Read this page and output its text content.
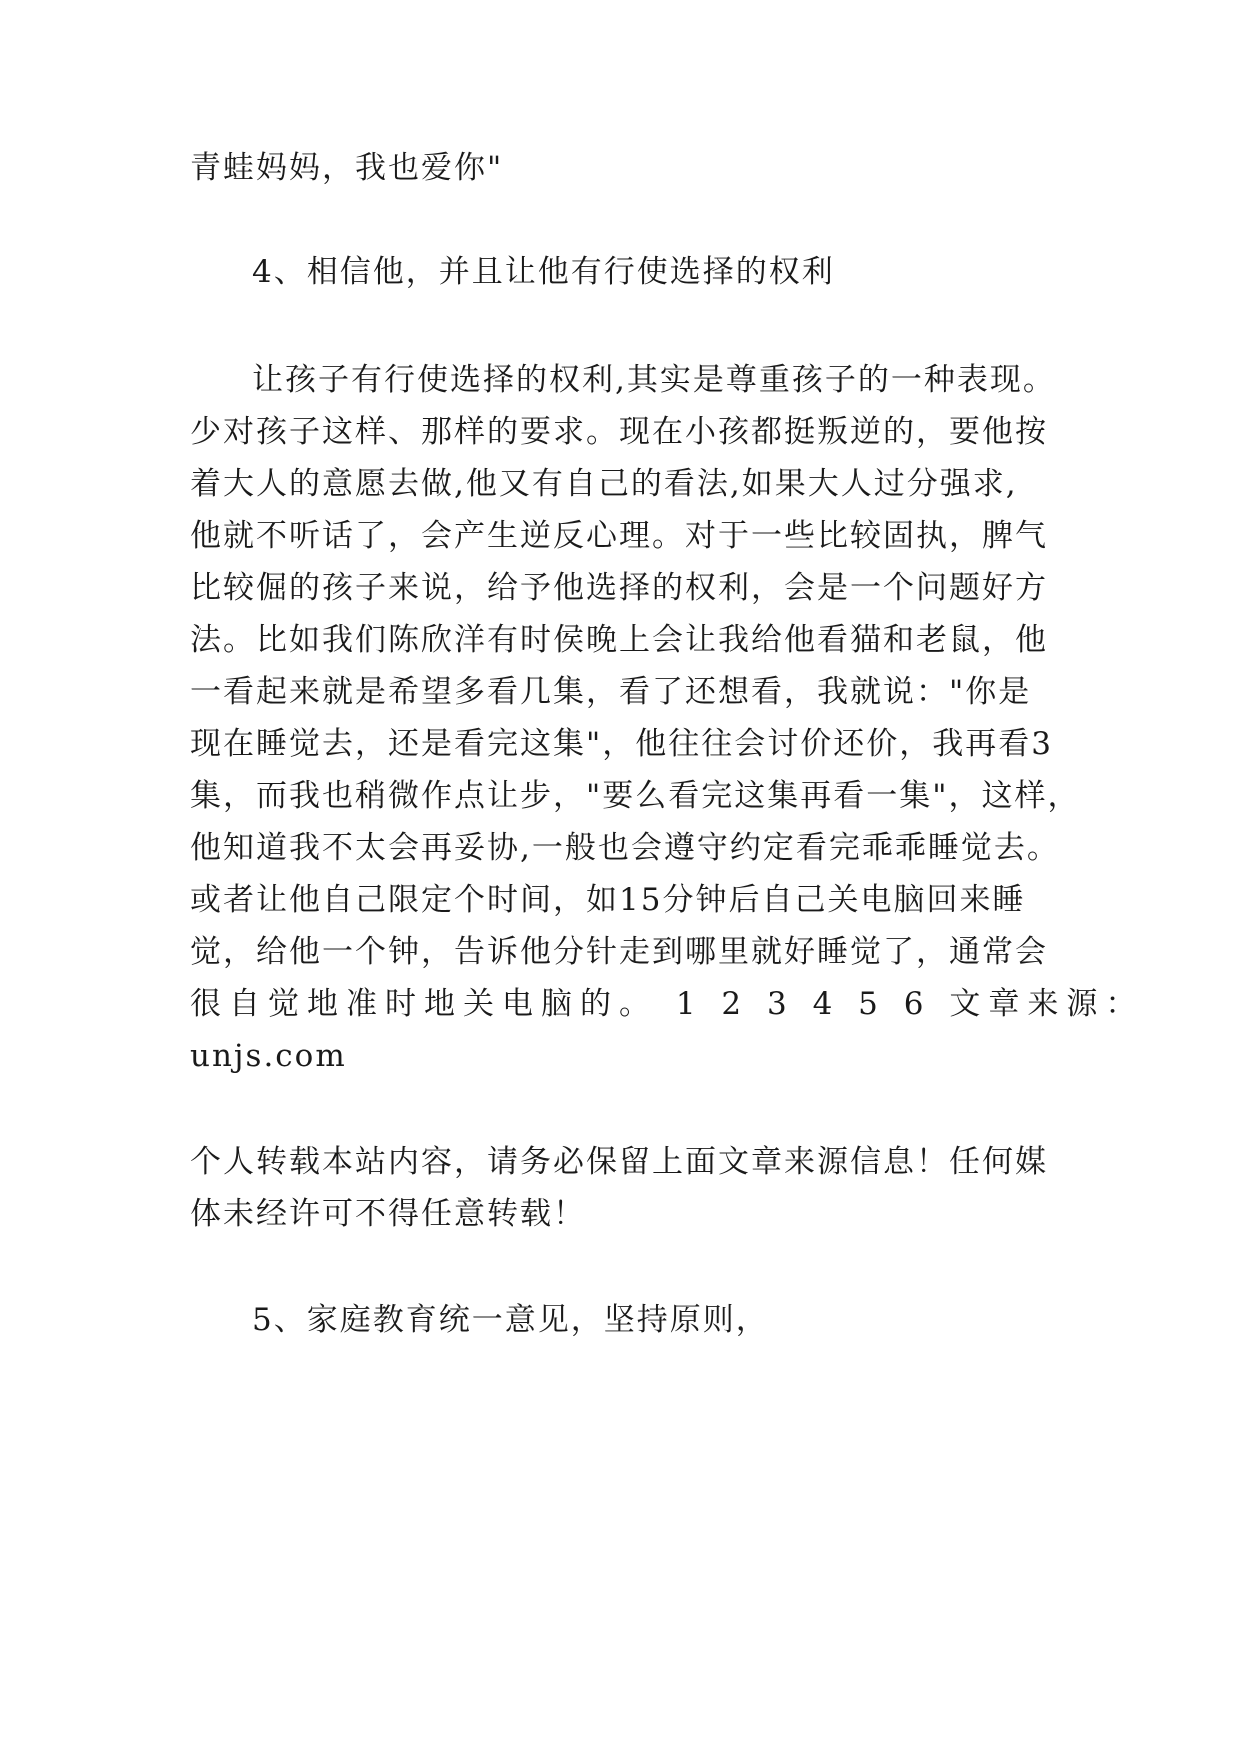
青蛙妈妈，我也爱你"
4、相信他，并且让他有行使选择的权利
让孩子有行使选择的权利,其实是尊重孩子的一种表现。
少对孩子这样、那样的要求。现在小孩都挺叛逆的，要他按
着大人的意愿去做,他又有自己的看法,如果大人过分强求,
他就不听话了，会产生逆反心理。对于一些比较固执，脾气
比较倔的孩子来说，给予他选择的权利，会是一个问题好方
法。比如我们陈欣洋有时侯晚上会让我给他看猫和老鼠，他
一看起来就是希望多看几集，看了还想看，我就说："你是
现在睡觉去，还是看完这集"，他往往会讨价还价，我再看3
集，而我也稍微作点让步，"要么看完这集再看一集"，这样，
他知道我不太会再妥协,一般也会遵守约定看完乖乖睡觉去。
或者让他自己限定个时间，如15分钟后自己关电脑回来睡
觉，给他一个钟，告诉他分针走到哪里就好睡觉了，通常会
很自觉地准时地关电脑的。 1 2 3 4 5 6 文章来源：
unjs.com
个人转载本站内容，请务必保留上面文章来源信息！任何媒
体未经许可不得任意转载！
5、家庭教育统一意见，坚持原则，
